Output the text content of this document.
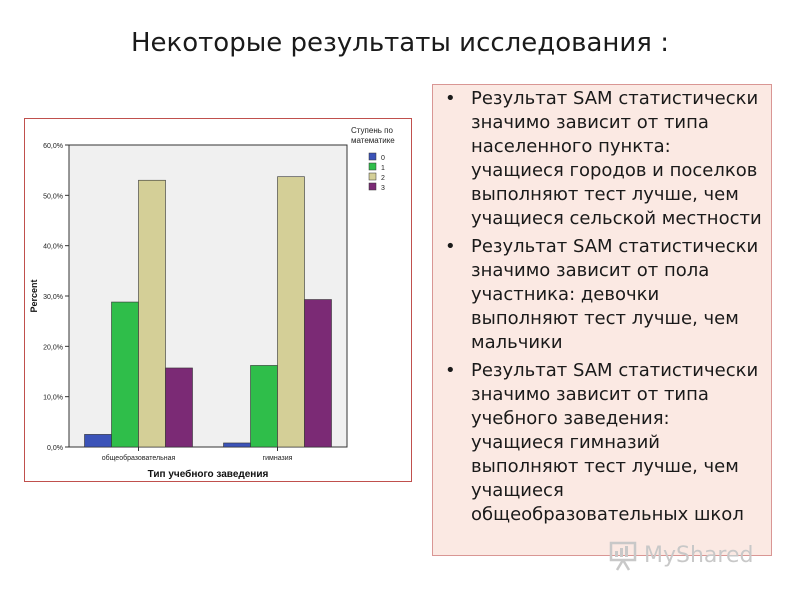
Некоторые результаты исследования :
0,0%
10,0%
20,0%
30,0%
40,0%
50,0%
60,0%
общеобразовательная	гимназия
Percent
Тип учебного заведения
Ступень по
математике
0
1
2
3
• Результат SAM статистически значимо зависит от типа населенного пункта: учащиеся городов и поселков выполняют тест лучше, чем учащиеся сельской местности
• Результат SAM статистически значимо зависит от пола участника: девочки выполняют тест лучше, чем мальчики
• Результат SAM статистически значимо зависит от типа учебного заведения: учащиеся гимназий выполняют тест лучше, чем учащиеся общеобразовательных школ
MyShared
